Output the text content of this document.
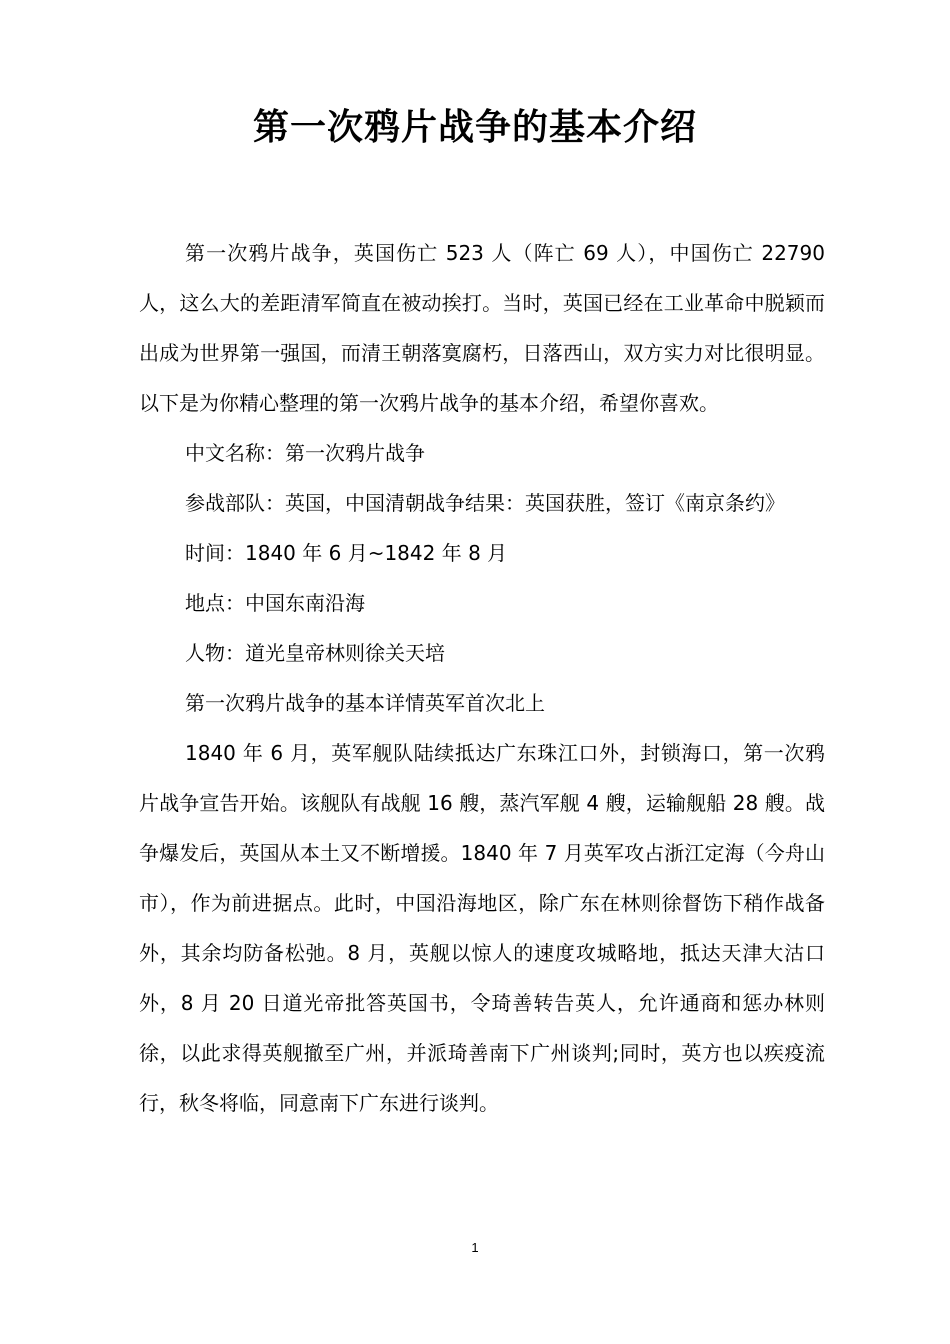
第一次鸦片战争的基本介绍

第一次鸦片战争，英国伤亡 523 人（阵亡 69 人），中国伤亡 22790 人，这么大的差距清军简直在被动挨打。当时，英国已经在工业革命中脱颖而出成为世界第一强国，而清王朝落寞腐朽，日落西山，双方实力对比很明显。以下是为你精心整理的第一次鸦片战争的基本介绍，希望你喜欢。

中文名称：第一次鸦片战争

参战部队：英国，中国清朝战争结果：英国获胜，签订《南京条约》

时间：1840 年 6 月~1842 年 8 月

地点：中国东南沿海

人物：道光皇帝林则徐关天培

第一次鸦片战争的基本详情英军首次北上

1840 年 6 月，英军舰队陆续抵达广东珠江口外，封锁海口，第一次鸦片战争宣告开始。该舰队有战舰 16 艘，蒸汽军舰 4 艘，运输舰船 28 艘。战争爆发后，英国从本土又不断增援。1840 年 7 月英军攻占浙江定海（今舟山市），作为前进据点。此时，中国沿海地区，除广东在林则徐督饬下稍作战备外，其余均防备松弛。8 月，英舰以惊人的速度攻城略地，抵达天津大沽口外，8 月 20 日道光帝批答英国书，令琦善转告英人，允许通商和惩办林则徐，以此求得英舰撤至广州，并派琦善南下广州谈判;同时，英方也以疾疫流行，秋冬将临，同意南下广东进行谈判。

1
